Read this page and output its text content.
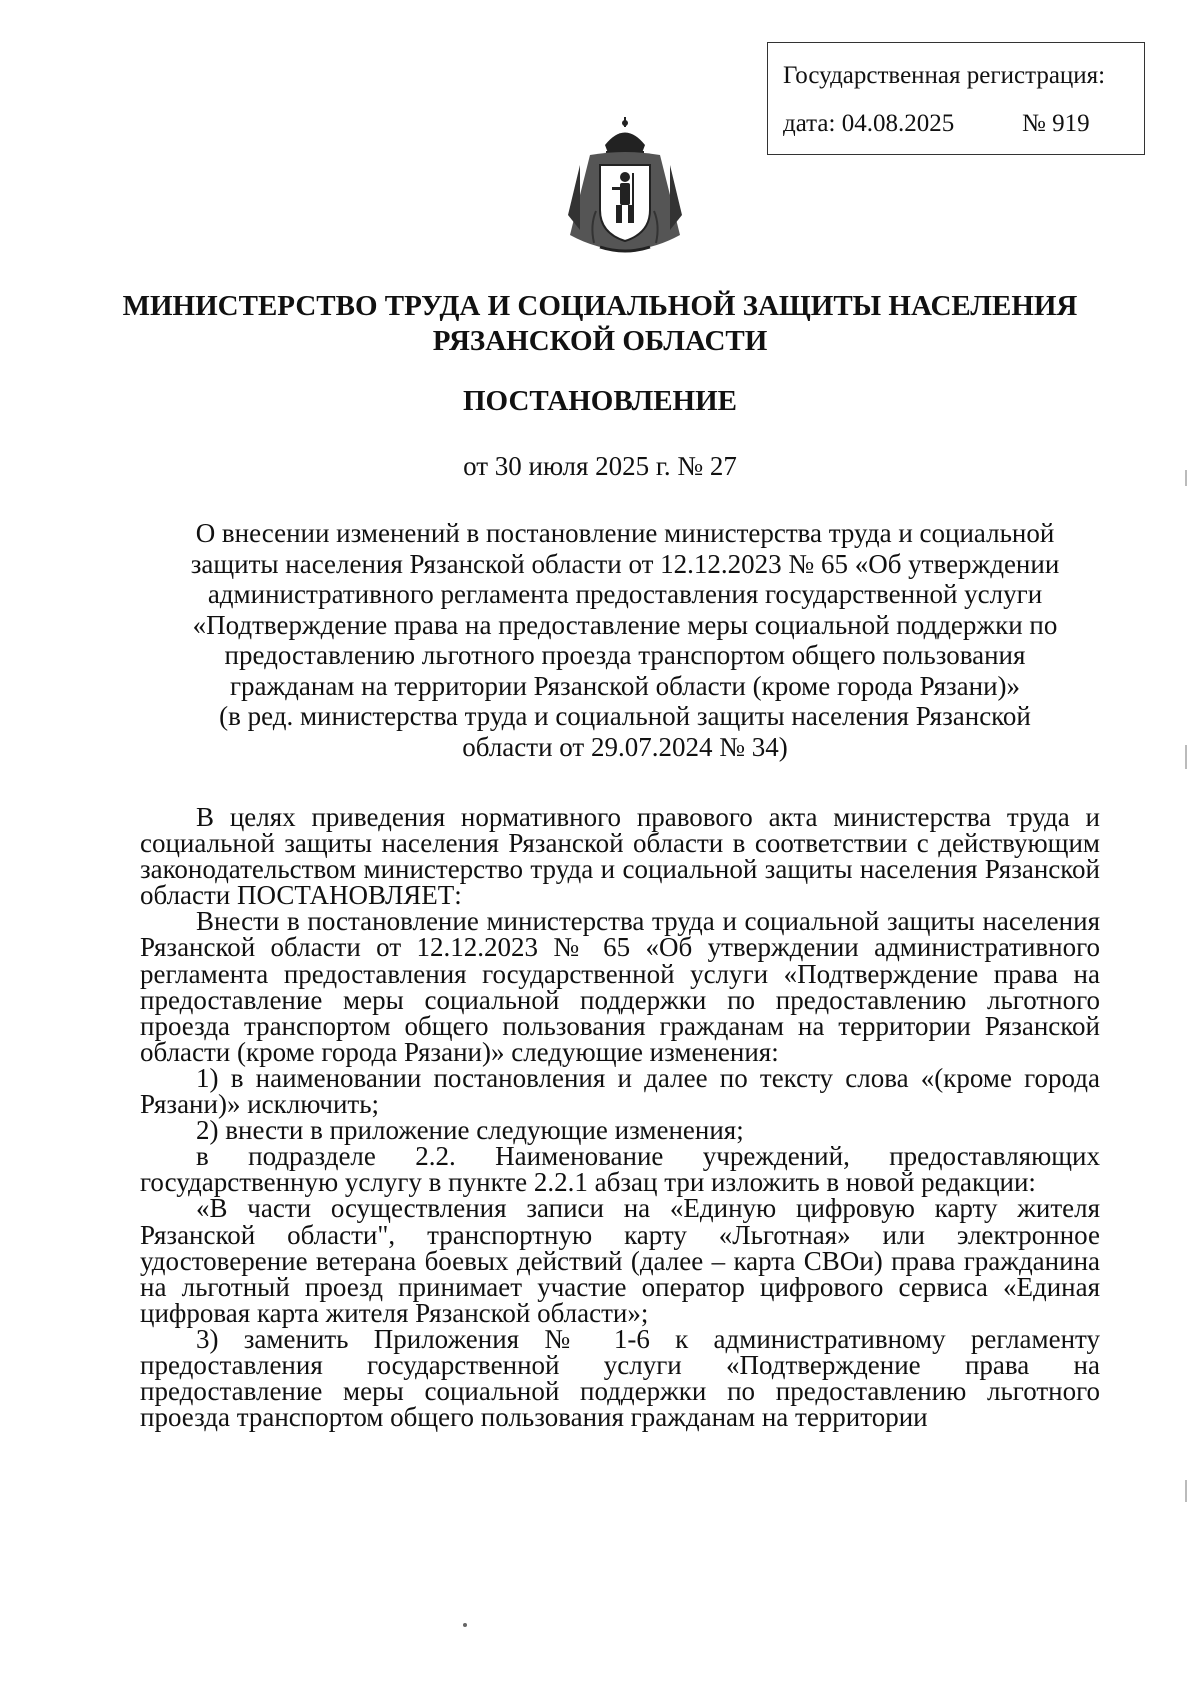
Государственная регистрация:
дата: 04.08.2025	№ 919
МИНИСТЕРСТВО ТРУДА И СОЦИАЛЬНОЙ ЗАЩИТЫ НАСЕЛЕНИЯ
РЯЗАНСКОЙ ОБЛАСТИ
ПОСТАНОВЛЕНИЕ
от 30 июля 2025 г. № 27
О внесении изменений в постановление министерства труда и социальной
защиты населения Рязанской области от 12.12.2023 № 65 «Об утверждении
административного регламента предоставления государственной услуги
«Подтверждение права на предоставление меры социальной поддержки по
предоставлению льготного проезда транспортом общего пользования
гражданам на территории Рязанской области (кроме города Рязани)»
(в ред. министерства труда и социальной защиты населения Рязанской
области от 29.07.2024 № 34)

В целях приведения нормативного правового акта министерства труда и социальной защиты населения Рязанской области в соответствии с действующим законодательством министерство труда и социальной защиты населения Рязанской области ПОСТАНОВЛЯЕТ:

Внести в постановление министерства труда и социальной защиты населения Рязанской области от 12.12.2023 № 65 «Об утверждении административного регламента предоставления государственной услуги «Подтверждение права на предоставление меры социальной поддержки по предоставлению льготного проезда транспортом общего пользования гражданам на территории Рязанской области (кроме города Рязани)» следующие изменения:

1) в наименовании постановления и далее по тексту слова «(кроме города Рязани)» исключить;

2) внести в приложение следующие изменения;

в подразделе 2.2. Наименование учреждений, предоставляющих государственную услугу в пункте 2.2.1 абзац три изложить в новой редакции:

«В части осуществления записи на «Единую цифровую карту жителя Рязанской области", транспортную карту «Льготная» или электронное удостоверение ветерана боевых действий (далее – карта СВОи) права гражданина на льготный проезд принимает участие оператор цифрового сервиса «Единая цифровая карта жителя Рязанской области»;

3) заменить Приложения № 1-6 к административному регламенту предоставления государственной услуги «Подтверждение права на предоставление меры социальной поддержки по предоставлению льготного проезда транспортом общего пользования гражданам на территории
